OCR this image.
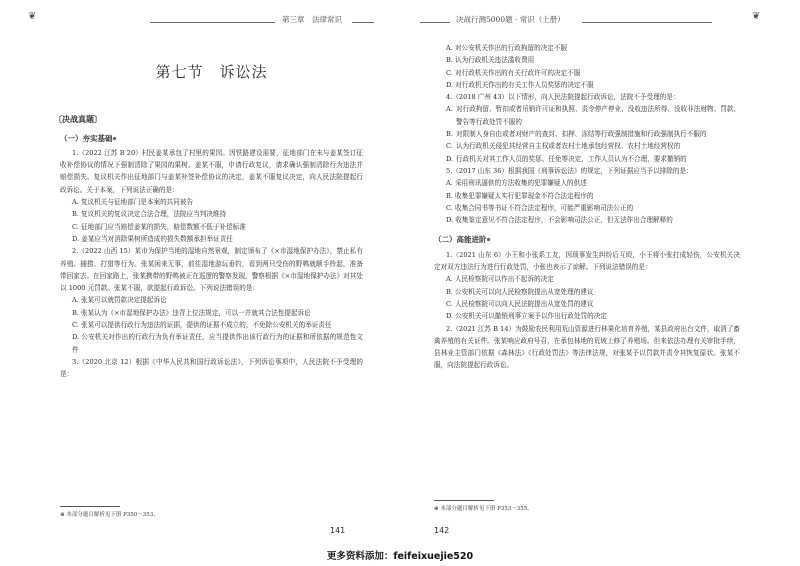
❦	第三章　法律常识
第七节　诉讼法
〔决战真题〕
（一）夯实基础⊕

1.（2022 江苏 B 20）村民姜某承包了村里的果园。因铁路建设需要，征地部门在未与姜某签订征收补偿协议的情况下强制清除了果园的果树。姜某不服，申请行政复议，请求确认强制清除行为违法并赔偿损失。复议机关作出征地部门与姜某补签补偿协议的决定，姜某不服复议决定，向人民法院提起行政诉讼。关于本案，下列说法正确的是：

A. 复议机关与征地部门是本案的共同被告

B. 复议机关的复议决定合法合理，法院应当判决维持

C. 征地部门应当赔偿姜某的损失，赔偿数额不低于补偿标准

D. 姜某应当对消除果树所造成的损失数额承担举证责任

2.（2022 山西 15）某市为保护当地的湿地自然景观，制定颁布了《×市湿地保护办法》，禁止私有养殖、捕捞、打猎等行为。张某闲来无事，前往湿地游玩垂钓，看到两只受伤的野鸭就顺手拎起，准备带回家去。在回家路上，张某携带的野鸭被正在巡逻的警察发现，警察根据《×市湿地保护办法》对其处以 1000 元罚款。张某不服，欲提起行政诉讼。下列说法错误的是：

A. 张某可以就罚款决定提起诉讼

B. 张某认为《×市湿地保护办法》违背上位法规定，可以一并就其合法性提起诉讼

C. 张某可以提供行政行为违法的证据，提供的证据不成立的，不免除公安机关的举证责任

D. 公安机关对作出的行政行为负有举证责任，应当提供作出该行政行为的证据和所依据的规范性文件

3.（2020 北京 12）根据《中华人民共和国行政诉讼法》，下列诉讼事项中，人民法院不予受理的是：

⊕ 本部分题目解析见下册 P350～353。
141
决战行测5000题 · 常识（上册）	❦

A. 对公安机关作出的行政拘留的决定不服

B. 认为行政机关违法滥收费用

C. 对行政机关作出的有关行政许可的决定不服

D. 对行政机关作出的有关工作人员奖惩的决定不服

4.（2018 广州 43）以下情形，向人民法院提起行政诉讼，法院不予受理的是：

A. 对行政拘留、暂扣或者吊销许可证和执照、责令停产停业、没收违法所得、没收非法财物、罚款、警告等行政处罚不服的

B. 对限制人身自由或者对财产的查封、扣押、冻结等行政强制措施和行政强制执行不服的

C. 认为行政机关侵犯其经营自主权或者农村土地承包经营权、农村土地经营权的

D. 行政机关对其工作人员的奖惩、任免等决定，工作人员认为不合理，要求撤销的

5.（2017 山东 36）根据我国《刑事诉讼法》的规定，下列证据应当予以排除的是：

A. 采用刑讯逼供的方法收集的犯罪嫌疑人的供述

B. 收集犯罪嫌疑人实行犯罪现金不符合法定程序的

C. 收集合同书等书证不符合法定程序，可能严重影响司法公正的

D. 收集鉴定意见不符合法定程序，不会影响司法公正，但无法作出合理解释的

（二）高能进阶⊕

1.（2021 山东 6）小王和小张系工友，因琐事发生纠纷后互殴，小王将小张打成轻伤，公安机关决定对双方违法行为进行行政处罚，小张也表示了谅解。下列说法错误的是：

A. 人民检察院可以作出不起诉的决定

B. 公安机关可以向人民检察院提出从宽处理的建议

C. 人民检察院可以向人民法院提出从宽处罚的建议

D. 公安机关可以撤销刑事立案予以作出行政处罚的决定

2.（2021 江苏 B 14）为鼓励农民利用荒山资源进行林果化培育养殖，某县政府出台文件，取消了畜禽养殖的有关证件。张某响应政府号召，在承包林地的荒坡上修了养殖场。但来依法办理有关审批手续，县林业主管部门依据《森林法》《行政处罚法》等法律法规，对张某予以罚款并责令其恢复原状。张某不服，向法院提起行政诉讼。

⊕ 本部分题目解析见下册 P353～355。
142
更多资料添加：feifeixuejie520
